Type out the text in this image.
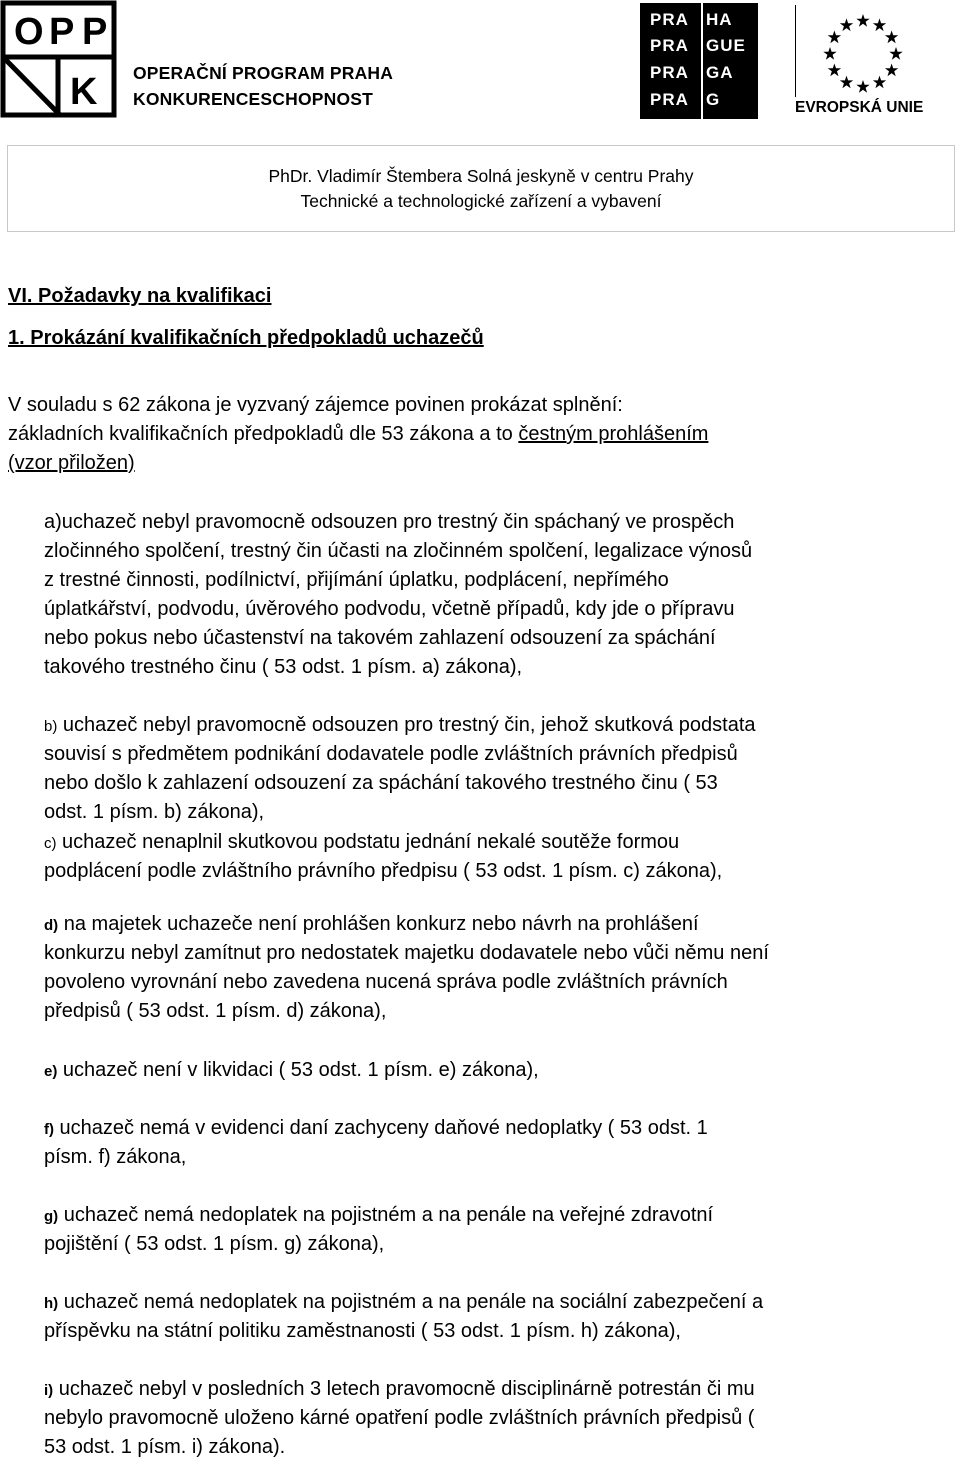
O P P
K OPERAČNÍ PROGRAM PRAHA
KONKURENCESCHOPNOST
PRA HA
PRA GUE
PRA GA
PRA G	EVROPSKÁ UNIE
PhDr. Vladimír Štembera Solná jeskyně v centru Prahy
Technické a technologické zařízení a vybavení
VI. Požadavky na kvalifikaci
1. Prokázání kvalifikačních předpokladů uchazečů
V souladu s 62 zákona je vyzvaný zájemce povinen prokázat splnění:
základních kvalifikačních předpokladů dle 53 zákona a to čestným prohlášením
(vzor přiložen)
a)uchazeč nebyl pravomocně odsouzen pro trestný čin spáchaný ve prospěch
zločinného spolčení, trestný čin účasti na zločinném spolčení, legalizace výnosů
z trestné činnosti, podílnictví, přijímání úplatku, podplácení, nepřímého
úplatkářství, podvodu, úvěrového podvodu, včetně případů, kdy jde o přípravu
nebo pokus nebo účastenství na takovém zahlazení odsouzení za spáchání
takového trestného činu ( 53 odst. 1 písm. a) zákona),
b) uchazeč nebyl pravomocně odsouzen pro trestný čin, jehož skutková podstata
souvisí s předmětem podnikání dodavatele podle zvláštních právních předpisů
nebo došlo k zahlazení odsouzení za spáchání takového trestného činu ( 53
odst. 1 písm. b) zákona),
c) uchazeč nenaplnil skutkovou podstatu jednání nekalé soutěže formou
podplácení podle zvláštního právního předpisu ( 53 odst. 1 písm. c) zákona),
d) na majetek uchazeče není prohlášen konkurz nebo návrh na prohlášení
konkurzu nebyl zamítnut pro nedostatek majetku dodavatele nebo vůči němu není
povoleno vyrovnání nebo zavedena nucená správa podle zvláštních právních
předpisů ( 53 odst. 1 písm. d) zákona),
e) uchazeč není v likvidaci ( 53 odst. 1 písm. e) zákona),
f) uchazeč nemá v evidenci daní zachyceny daňové nedoplatky ( 53 odst. 1
písm. f) zákona,
g) uchazeč nemá nedoplatek na pojistném a na penále na veřejné zdravotní
pojištění ( 53 odst. 1 písm. g) zákona),
h) uchazeč nemá nedoplatek na pojistném a na penále na sociální zabezpečení a
příspěvku na státní politiku zaměstnanosti ( 53 odst. 1 písm. h) zákona),
i) uchazeč nebyl v posledních 3 letech pravomocně disciplinárně potrestán či mu
nebylo pravomocně uloženo kárné opatření podle zvláštních právních předpisů (
53 odst. 1 písm. i) zákona).
